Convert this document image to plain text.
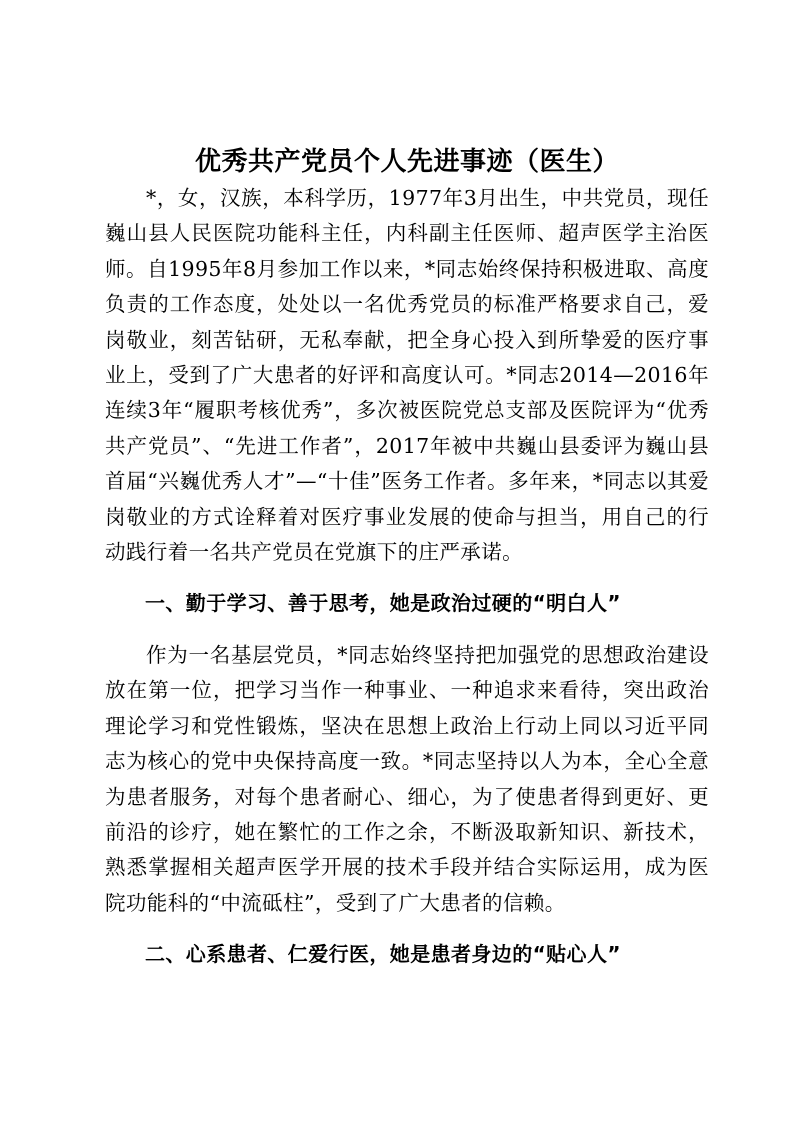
优秀共产党员个人先进事迹（医生）

*，女，汉族，本科学历，1977年3月出生，中共党员，现任巍山县人民医院功能科主任，内科副主任医师、超声医学主治医师。自1995年8月参加工作以来，*同志始终保持积极进取、高度负责的工作态度，处处以一名优秀党员的标准严格要求自己，爱岗敬业，刻苦钻研，无私奉献，把全身心投入到所挚爱的医疗事业上，受到了广大患者的好评和高度认可。*同志2014—2016年连续3年“履职考核优秀”，多次被医院党总支部及医院评为“优秀共产党员”、“先进工作者”，2017年被中共巍山县委评为巍山县首届“兴巍优秀人才”—“十佳”医务工作者。多年来，*同志以其爱岗敬业的方式诠释着对医疗事业发展的使命与担当，用自己的行动践行着一名共产党员在党旗下的庄严承诺。

一、勤于学习、善于思考，她是政治过硬的“明白人”

作为一名基层党员，*同志始终坚持把加强党的思想政治建设放在第一位，把学习当作一种事业、一种追求来看待，突出政治理论学习和党性锻炼，坚决在思想上政治上行动上同以习近平同志为核心的党中央保持高度一致。*同志坚持以人为本，全心全意为患者服务，对每个患者耐心、细心，为了使患者得到更好、更前沿的诊疗，她在繁忙的工作之余，不断汲取新知识、新技术，熟悉掌握相关超声医学开展的技术手段并结合实际运用，成为医院功能科的“中流砥柱”，受到了广大患者的信赖。

二、心系患者、仁爱行医，她是患者身边的“贴心人”
